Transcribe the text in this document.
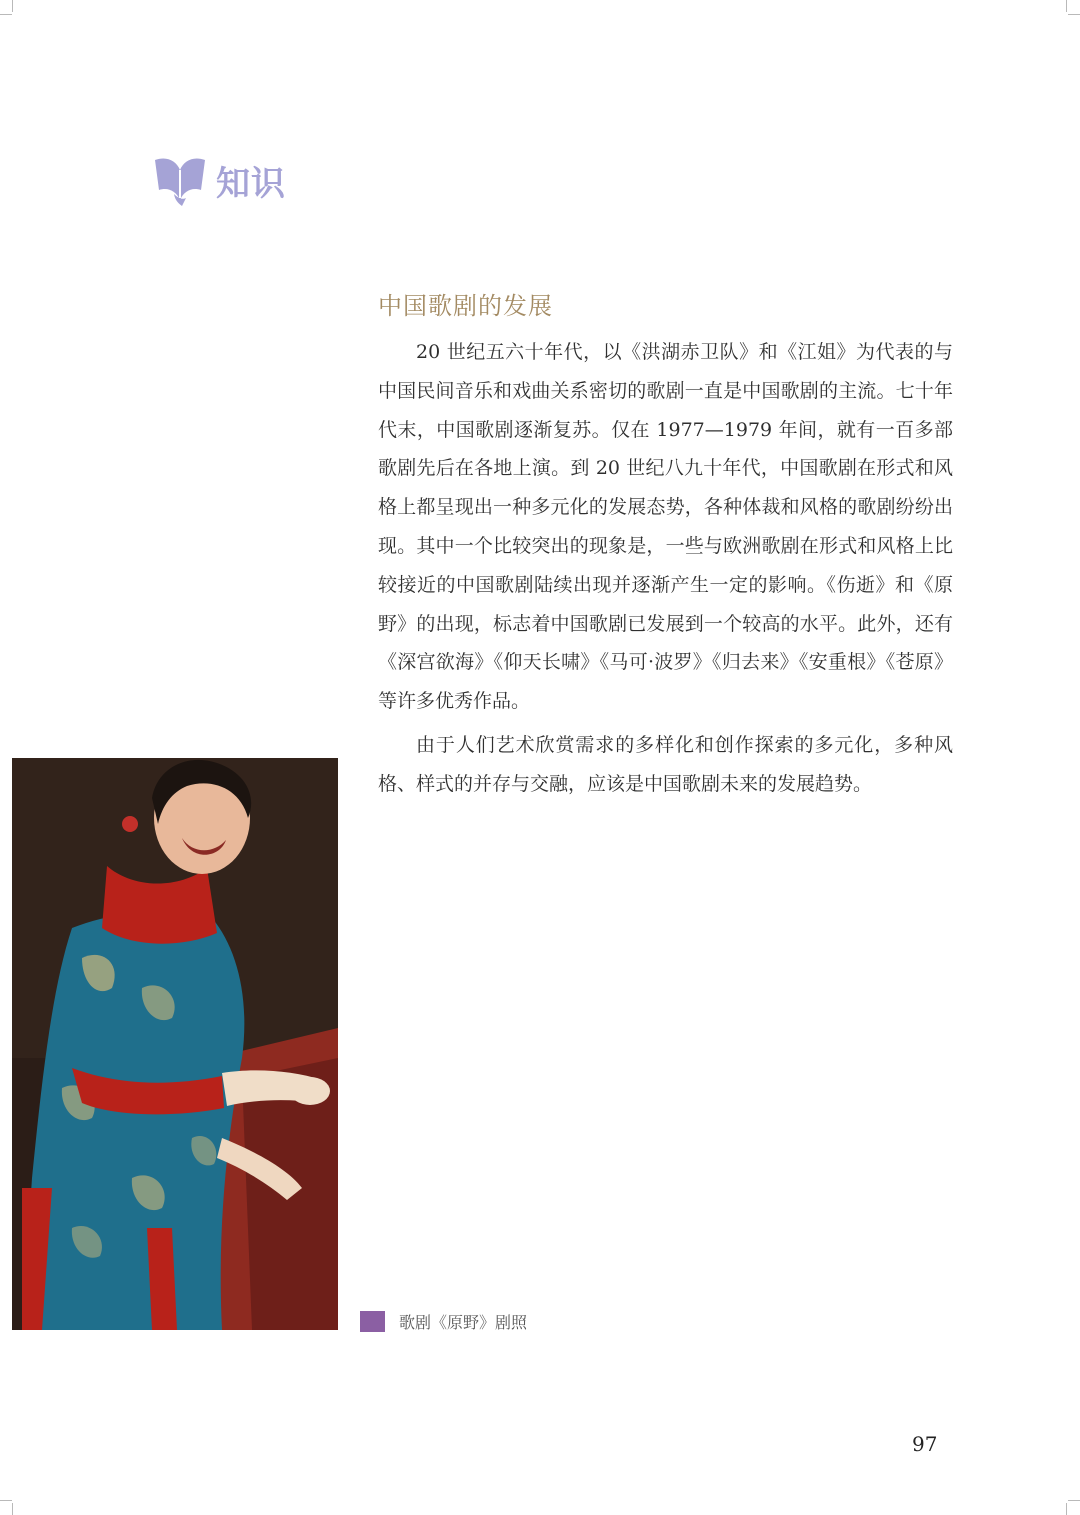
知识
中国歌剧的发展

20 世纪五六十年代，以《洪湖赤卫队》和《江姐》为代表的与中国民间音乐和戏曲关系密切的歌剧一直是中国歌剧的主流。七十年代末，中国歌剧逐渐复苏。仅在 1977—1979 年间，就有一百多部歌剧先后在各地上演。到 20 世纪八九十年代，中国歌剧在形式和风格上都呈现出一种多元化的发展态势，各种体裁和风格的歌剧纷纷出现。其中一个比较突出的现象是，一些与欧洲歌剧在形式和风格上比较接近的中国歌剧陆续出现并逐渐产生一定的影响。《伤逝》和《原野》的出现，标志着中国歌剧已发展到一个较高的水平。此外，还有《深宫欲海》《仰天长啸》《马可·波罗》《归去来》《安重根》《苍原》等许多优秀作品。

由于人们艺术欣赏需求的多样化和创作探索的多元化，多种风格、样式的并存与交融，应该是中国歌剧未来的发展趋势。

歌剧《原野》剧照
97
